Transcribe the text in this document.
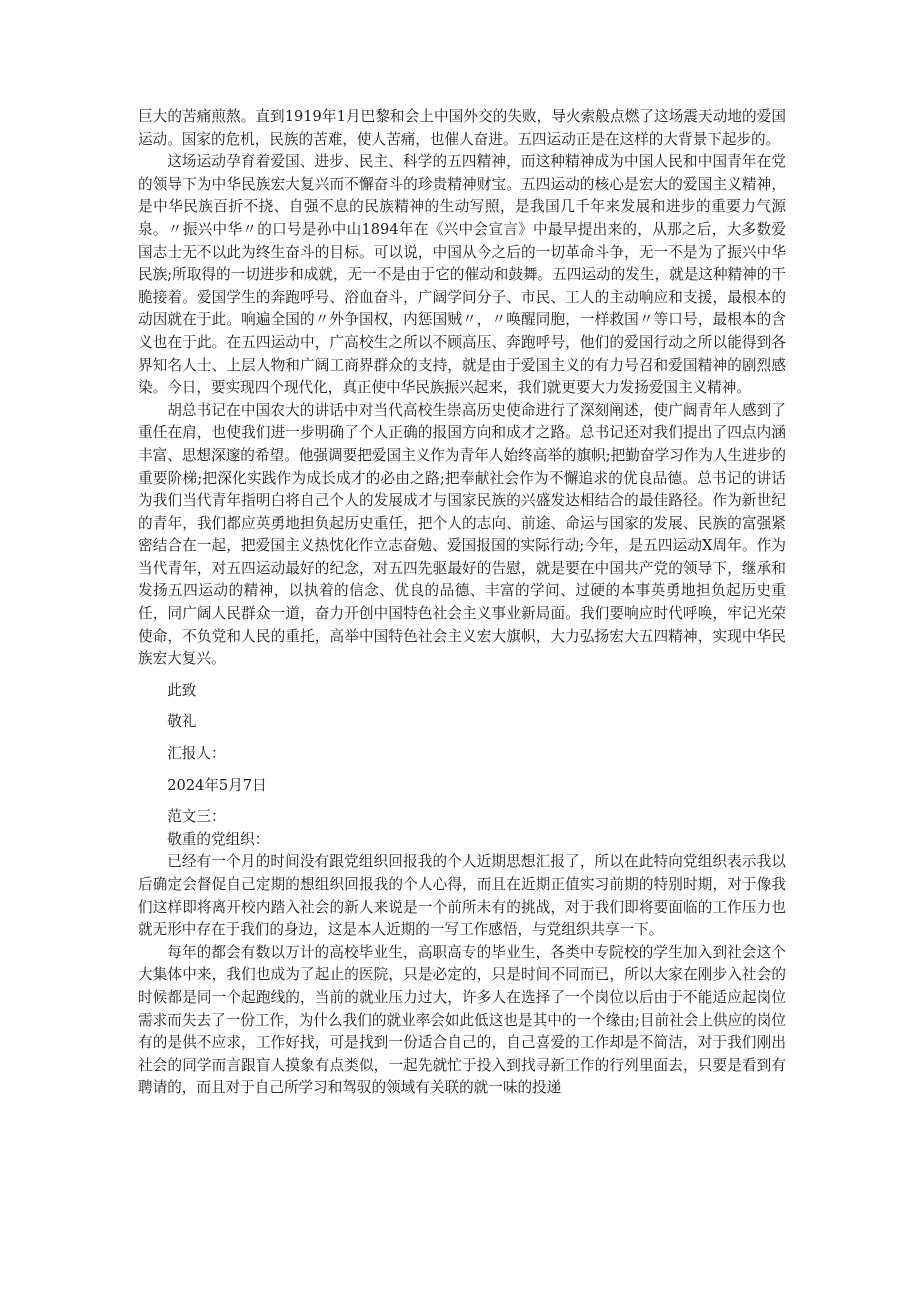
巨大的苦痛煎熬。直到1919年1月巴黎和会上中国外交的失败，导火索般点燃了这场震天动地的爱国运动。国家的危机，民族的苦难，使人苦痛，也催人奋进。五四运动正是在这样的大背景下起步的。

这场运动孕育着爱国、进步、民主、科学的五四精神，而这种精神成为中国人民和中国青年在党的领导下为中华民族宏大复兴而不懈奋斗的珍贵精神财宝。五四运动的核心是宏大的爱国主义精神，是中华民族百折不挠、自强不息的民族精神的生动写照，是我国几千年来发展和进步的重要力气源泉。〃振兴中华〃的口号是孙中山1894年在《兴中会宣言》中最早提出来的，从那之后，大多数爱国志士无不以此为终生奋斗的目标。可以说，中国从今之后的一切革命斗争，无一不是为了振兴中华民族;所取得的一切进步和成就，无一不是由于它的催动和鼓舞。五四运动的发生，就是这种精神的干脆接着。爱国学生的奔跑呼号、浴血奋斗，广阔学问分子、市民、工人的主动响应和支援，最根本的动因就在于此。响遍全国的〃外争国权，内惩国贼〃，〃唤醒同胞，一样救国〃等口号，最根本的含义也在于此。在五四运动中，广高校生之所以不顾高压、奔跑呼号，他们的爱国行动之所以能得到各界知名人士、上层人物和广阔工商界群众的支持，就是由于爱国主义的有力号召和爱国精神的剧烈感染。今日，要实现四个现代化，真正使中华民族振兴起来，我们就更要大力发扬爱国主义精神。

胡总书记在中国农大的讲话中对当代高校生崇高历史使命进行了深刻阐述，使广阔青年人感到了重任在肩，也使我们进一步明确了个人正确的报国方向和成才之路。总书记还对我们提出了四点内涵丰富、思想深邃的希望。他强调要把爱国主义作为青年人始终高举的旗帜;把勤奋学习作为人生进步的重要阶梯;把深化实践作为成长成才的必由之路;把奉献社会作为不懈追求的优良品德。总书记的讲话为我们当代青年指明白将自己个人的发展成才与国家民族的兴盛发达相结合的最佳路径。作为新世纪的青年，我们都应英勇地担负起历史重任，把个人的志向、前途、命运与国家的发展、民族的富强紧密结合在一起，把爱国主义热忱化作立志奋勉、爱国报国的实际行动;今年，是五四运动X周年。作为当代青年，对五四运动最好的纪念，对五四先驱最好的告慰，就是要在中国共产党的领导下，继承和发扬五四运动的精神，以执着的信念、优良的品德、丰富的学问、过硬的本事英勇地担负起历史重任，同广阔人民群众一道，奋力开创中国特色社会主义事业新局面。我们要响应时代呼唤，牢记光荣使命，不负党和人民的重托，高举中国特色社会主义宏大旗帜，大力弘扬宏大五四精神，实现中华民族宏大复兴。

此致

敬礼

汇报人：

2024年5月7日

范文三：

敬重的党组织：

已经有一个月的时间没有跟党组织回报我的个人近期思想汇报了，所以在此特向党组织表示我以后确定会督促自己定期的想组织回报我的个人心得，而且在近期正值实习前期的特别时期，对于像我们这样即将离开校内踏入社会的新人来说是一个前所未有的挑战，对于我们即将要面临的工作压力也就无形中存在于我们的身边，这是本人近期的一写工作感悟，与党组织共享一下。

每年的都会有数以万计的高校毕业生，高职高专的毕业生，各类中专院校的学生加入到社会这个大集体中来，我们也成为了起止的医院，只是必定的，只是时间不同而已，所以大家在刚步入社会的时候都是同一个起跑线的，当前的就业压力过大，许多人在选择了一个岗位以后由于不能适应起岗位需求而失去了一份工作，为什么我们的就业率会如此低这也是其中的一个缘由;目前社会上供应的岗位有的是供不应求，工作好找，可是找到一份适合自己的，自己喜爱的工作却是不简洁，对于我们刚出社会的同学而言跟盲人摸象有点类似，一起先就忙于投入到找寻新工作的行列里面去，只要是看到有聘请的，而且对于自己所学习和驾驭的领域有关联的就一味的投递
